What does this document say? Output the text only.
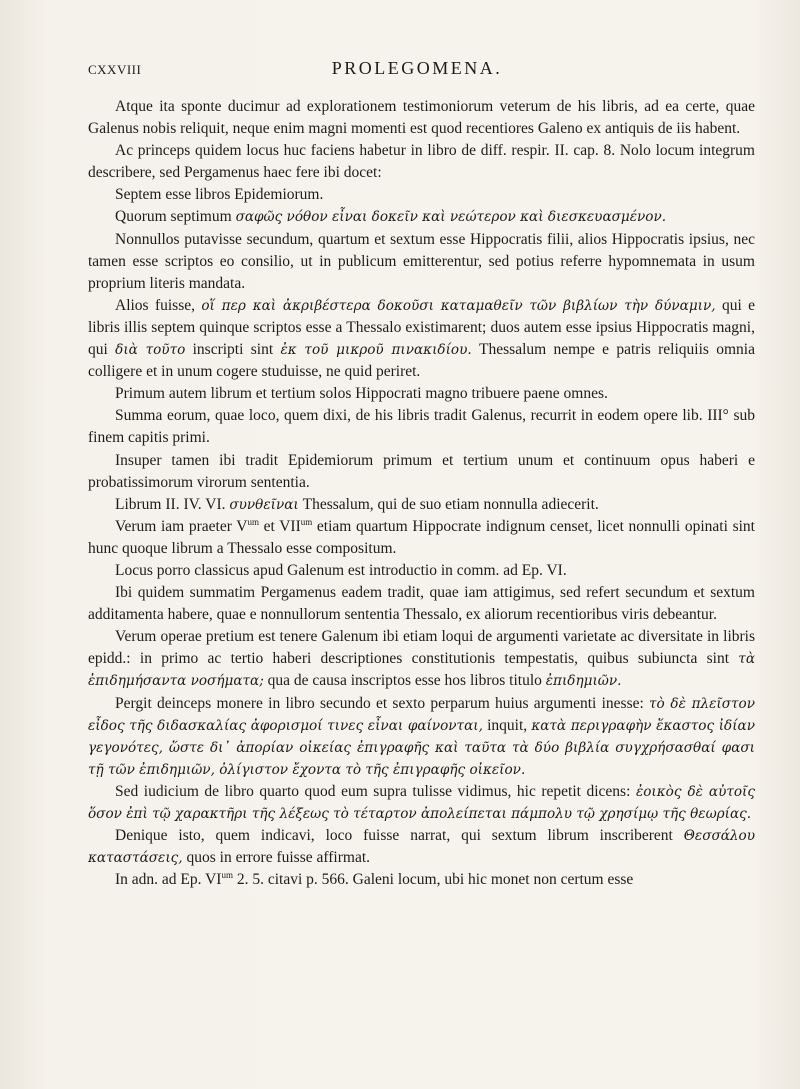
CXXVIII	PROLEGOMENA.

Atque ita sponte ducimur ad explorationem testimoniorum veterum de his libris, ad ea certe, quae Galenus nobis reliquit, neque enim magni momenti est quod recentiores Galeno ex antiquis de iis habent.

Ac princeps quidem locus huc faciens habetur in libro de diff. respir. II. cap. 8. Nolo locum integrum describere, sed Pergamenus haec fere ibi docet:

Septem esse libros Epidemiorum.

Quorum septimum σαφῶς νόθον εἶναι δοκεῖν καὶ νεώτερον καὶ διεσκευασμένον.

Nonnullos putavisse secundum, quartum et sextum esse Hippocratis filii, alios Hippocratis ipsius, nec tamen esse scriptos eo consilio, ut in publicum emitterentur, sed potius referre hypomnemata in usum proprium literis mandata.

Alios fuisse, οἵ περ καὶ ἀκριβέστερα δοκοῦσι καταμαθεῖν τῶν βιβλίων τὴν δύναμιν, qui e libris illis septem quinque scriptos esse a Thessalo existimarent; duos autem esse ipsius Hippocratis magni, qui διὰ τοῦτο inscripti sint ἐκ τοῦ μικροῦ πινακιδίου. Thessalum nempe e patris reliquiis omnia colligere et in unum cogere studuisse, ne quid periret.

Primum autem librum et tertium solos Hippocrati magno tribuere paene omnes.

Summa eorum, quae loco, quem dixi, de his libris tradit Galenus, recurrit in eodem opere lib. III° sub finem capitis primi.

Insuper tamen ibi tradit Epidemiorum primum et tertium unum et continuum opus haberi e probatissimorum virorum sententia.

Librum II. IV. VI. συνθεῖναι Thessalum, qui de suo etiam nonnulla adiecerit.

Verum iam praeter $V^{um}$ et $VII^{um}$ etiam quartum Hippocrate indignum censet, licet nonnulli opinati sint hunc quoque librum a Thessalo esse compositum.

Locus porro classicus apud Galenum est introductio in comm. ad Ep. VI.

Ibi quidem summatim Pergamenus eadem tradit, quae iam attigimus, sed refert secundum et sextum additamenta habere, quae e nonnullorum sententia Thessalo, ex aliorum recentioribus viris debeantur.

Verum operae pretium est tenere Galenum ibi etiam loqui de argumenti varietate ac diversitate in libris epidd.: in primo ac tertio haberi descriptiones constitutionis tempestatis, quibus subiuncta sint τὰ ἐπιδημήσαντα νοσήματα; qua de causa inscriptos esse hos libros titulo ἐπιδημιῶν.

Pergit deinceps monere in libro secundo et sexto perparum huius argumenti inesse: τὸ δὲ πλεῖστον εἶδος τῆς διδασκαλίας ἀφορισμοί τινες εἶναι φαίνονται, inquit, κατὰ περιγραφὴν ἕκαστος ἰδίαν γεγονότες, ὥστε δι᾽ ἀπορίαν οἰκείας ἐπιγραφῆς καὶ ταῦτα τὰ δύο βιβλία συγχρήσασθαί φασι τῇ τῶν ἐπιδημιῶν, ὀλίγιστον ἔχοντα τὸ τῆς ἐπιγραφῆς οἰκεῖον.

Sed iudicium de libro quarto quod eum supra tulisse vidimus, hic repetit dicens: ἐοικὸς δὲ αὐτοῖς ὅσον ἐπὶ τῷ χαρακτῆρι τῆς λέξεως τὸ τέταρτον ἀπολείπεται πάμπολυ τῷ χρησίμῳ τῆς θεωρίας.

Denique isto, quem indicavi, loco fuisse narrat, qui sextum librum inscriberent Θεσσάλου καταστάσεις, quos in errore fuisse affirmat.

In adn. ad Ep. $VI^{um}$ 2. 5. citavi p. 566. Galeni locum, ubi hic monet non certum esse
